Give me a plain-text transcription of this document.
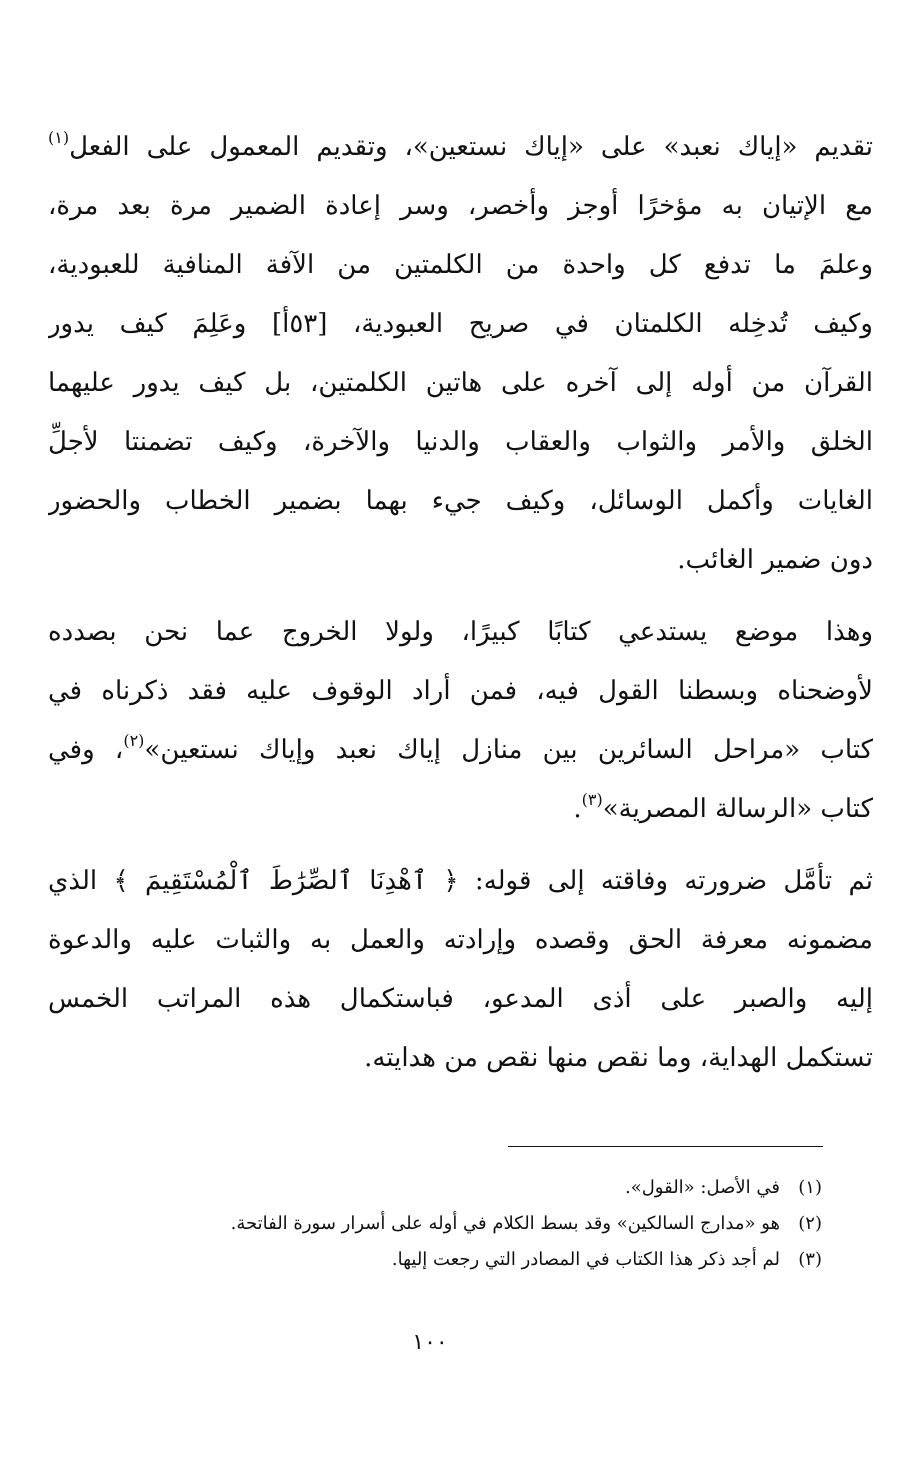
تقديم «إياك نعبد» على «إياك نستعين»، وتقديم المعمول على الفعل$^{(١)}$
مع الإتيان به مؤخرًا أوجز وأخصر، وسر إعادة الضمير مرة بعد مرة،
وعلمَ ما تدفع كل واحدة من الكلمتين من الآفة المنافية للعبودية،
وكيف تُدخِله الكلمتان في صريح العبودية، [٥٣أ] وعَلِمَ كيف يدور
القرآن من أوله إلى آخره على هاتين الكلمتين، بل كيف يدور عليهما
الخلق والأمر والثواب والعقاب والدنيا والآخرة، وكيف تضمنتا لأجلِّ
الغايات وأكمل الوسائل، وكيف جيء بهما بضمير الخطاب والحضور
دون ضمير الغائب.
وهذا موضع يستدعي كتابًا كبيرًا، ولولا الخروج عما نحن بصدده
لأوضحناه وبسطنا القول فيه، فمن أراد الوقوف عليه فقد ذكرناه في
كتاب «مراحل السائرين بين منازل إياك نعبد وإياك نستعين»$^{(٢)}$، وفي
كتاب «الرسالة المصرية»$^{(٣)}$.
ثم تأمَّل ضرورته وفاقته إلى قوله: ﴿ ٱهْدِنَا ٱلصِّرَٰطَ ٱلْمُسْتَقِيمَ ﴾ الذي
مضمونه معرفة الحق وقصده وإرادته والعمل به والثبات عليه والدعوة
إليه والصبر على أذى المدعو، فباستكمال هذه المراتب الخمس
تستكمل الهداية، وما نقص منها نقص من هدايته.
(١)في الأصل: «القول».
(٢)هو «مدارج السالكين» وقد بسط الكلام في أوله على أسرار سورة الفاتحة.
(٣)لم أجد ذكر هذا الكتاب في المصادر التي رجعت إليها.
١٠٠
